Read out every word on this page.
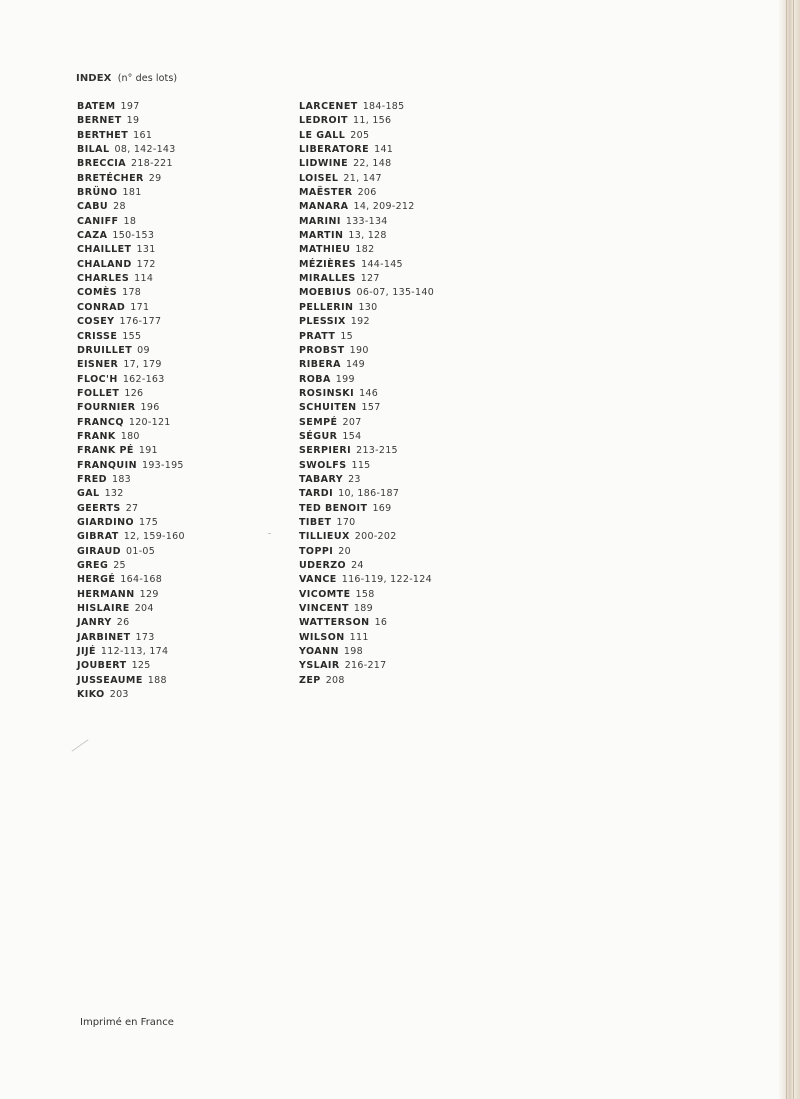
INDEX (n° des lots)
BATEM 197
BERNET 19
BERTHET 161
BILAL 08, 142-143
BRECCIA 218-221
BRETÉCHER 29
BRÜNO 181
CABU 28
CANIFF 18
CAZA 150-153
CHAILLET 131
CHALAND 172
CHARLES 114
COMÈS 178
CONRAD 171
COSEY 176-177
CRISSE 155
DRUILLET 09
EISNER 17, 179
FLOC'H 162-163
FOLLET 126
FOURNIER 196
FRANCQ 120-121
FRANK 180
FRANK PÉ 191
FRANQUIN 193-195
FRED 183
GAL 132
GEERTS 27
GIARDINO 175
GIBRAT 12, 159-160
GIRAUD 01-05
GREG 25
HERGÉ 164-168
HERMANN 129
HISLAIRE 204
JANRY 26
JARBINET 173
JIJÉ 112-113, 174
JOUBERT 125
JUSSEAUME 188
KIKO 203
LARCENET 184-185
LEDROIT 11, 156
LE GALL 205
LIBERATORE 141
LIDWINE 22, 148
LOISEL 21, 147
MAËSTER 206
MANARA 14, 209-212
MARINI 133-134
MARTIN 13, 128
MATHIEU 182
MÉZIÈRES 144-145
MIRALLES 127
MOEBIUS 06-07, 135-140
PELLERIN 130
PLESSIX 192
PRATT 15
PROBST 190
RIBERA 149
ROBA 199
ROSINSKI 146
SCHUITEN 157
SEMPÉ 207
SÉGUR 154
SERPIERI 213-215
SWOLFS 115
TABARY 23
TARDI 10, 186-187
TED BENOIT 169
TIBET 170
TILLIEUX 200-202
TOPPI 20
UDERZO 24
VANCE 116-119, 122-124
VICOMTE 158
VINCENT 189
WATTERSON 16
WILSON 111
YOANN 198
YSLAIR 216-217
ZEP 208
Imprimé en France
